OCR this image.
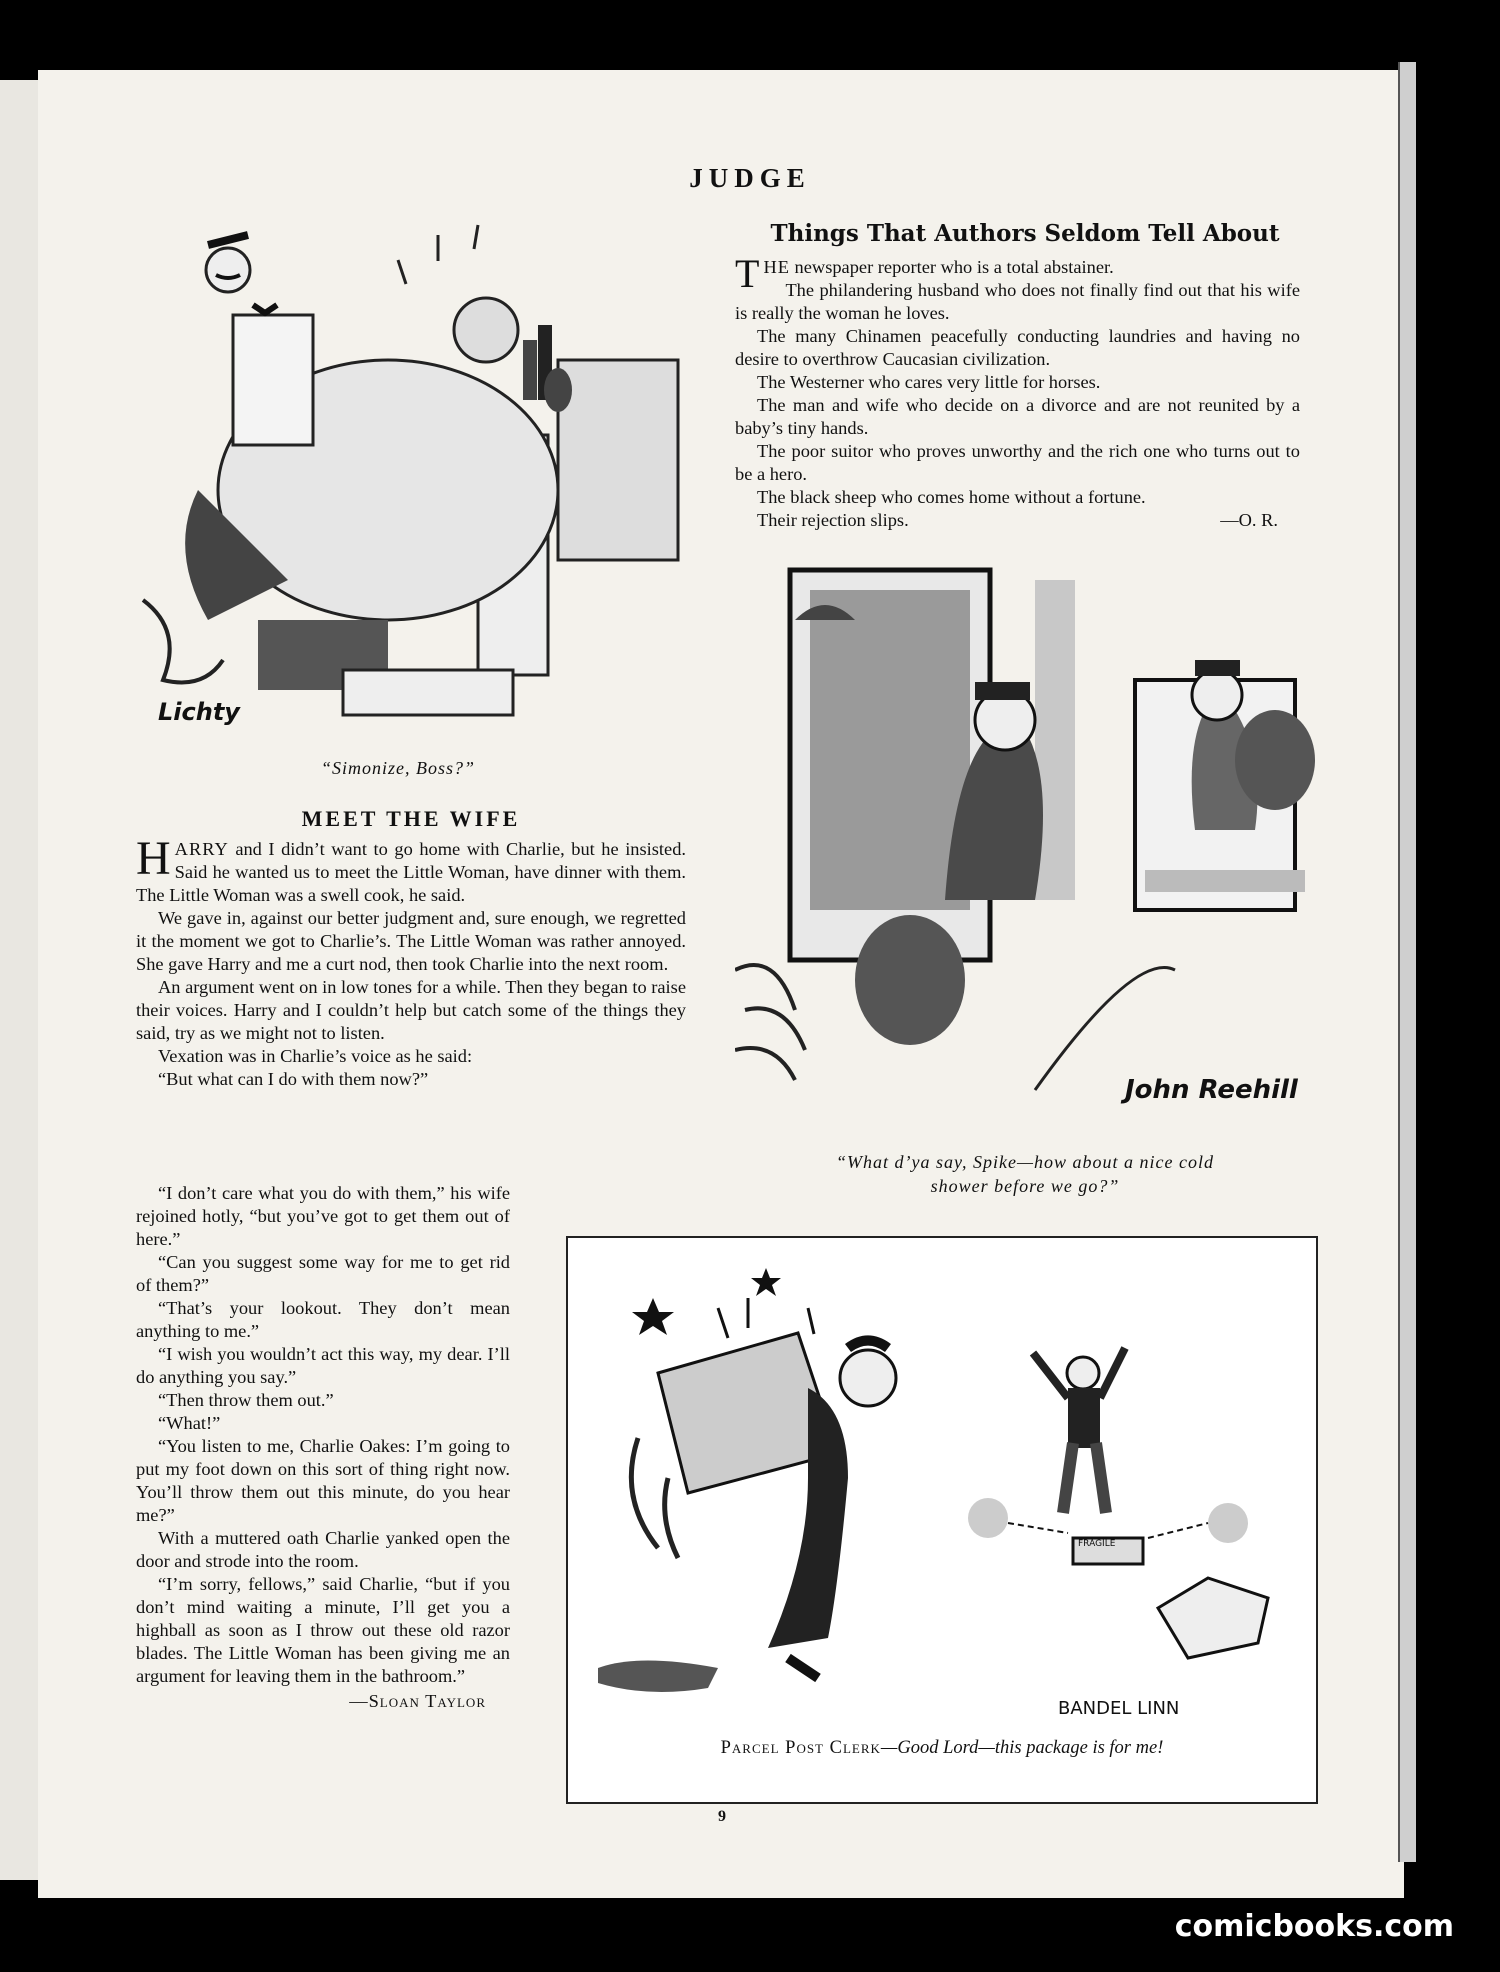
JUDGE
Lichty
“Simonize, Boss?”
MEET THE WIFE

HARRY and I didn’t want to go home with Charlie, but he insisted. Said he wanted us to meet the Little Woman, have dinner with them. The Little Woman was a swell cook, he said.

We gave in, against our better judgment and, sure enough, we regretted it the moment we got to Charlie’s. The Little Woman was rather annoyed. She gave Harry and me a curt nod, then took Charlie into the next room.

An argument went on in low tones for a while. Then they began to raise their voices. Harry and I couldn’t help but catch some of the things they said, try as we might not to listen.

Vexation was in Charlie’s voice as he said:

“But what can I do with them now?”

“I don’t care what you do with them,” his wife rejoined hotly, “but you’ve got to get them out of here.”

“Can you suggest some way for me to get rid of them?”

“That’s your lookout. They don’t mean anything to me.”

“I wish you wouldn’t act this way, my dear. I’ll do anything you say.”

“Then throw them out.”

“What!”

“You listen to me, Charlie Oakes: I’m going to put my foot down on this sort of thing right now. You’ll throw them out this minute, do you hear me?”

With a muttered oath Charlie yanked open the door and strode into the room.

“I’m sorry, fellows,” said Charlie, “but if you don’t mind waiting a minute, I’ll get you a highball as soon as I throw out these old razor blades. The Little Woman has been giving me an argument for leaving them in the bathroom.”

—Sloan Taylor

Things That Authors Seldom Tell About

THE newspaper reporter who is a total abstainer.

The philandering husband who does not finally find out that his wife is really the woman he loves.

The many Chinamen peacefully conducting laundries and having no desire to overthrow Caucasian civilization.

The Westerner who cares very little for horses.

The man and wife who decide on a divorce and are not reunited by a baby’s tiny hands.

The poor suitor who proves unworthy and the rich one who turns out to be a hero.

The black sheep who comes home without a fortune.

Their rejection slips.	—O. R.

John Reehill
“What d’ya say, Spike—how about a nice cold
shower before we go?”
FRAGILE
BANDEL LINN
Parcel Post Clerk—Good Lord—this package is for me!
9
comicbooks.com
